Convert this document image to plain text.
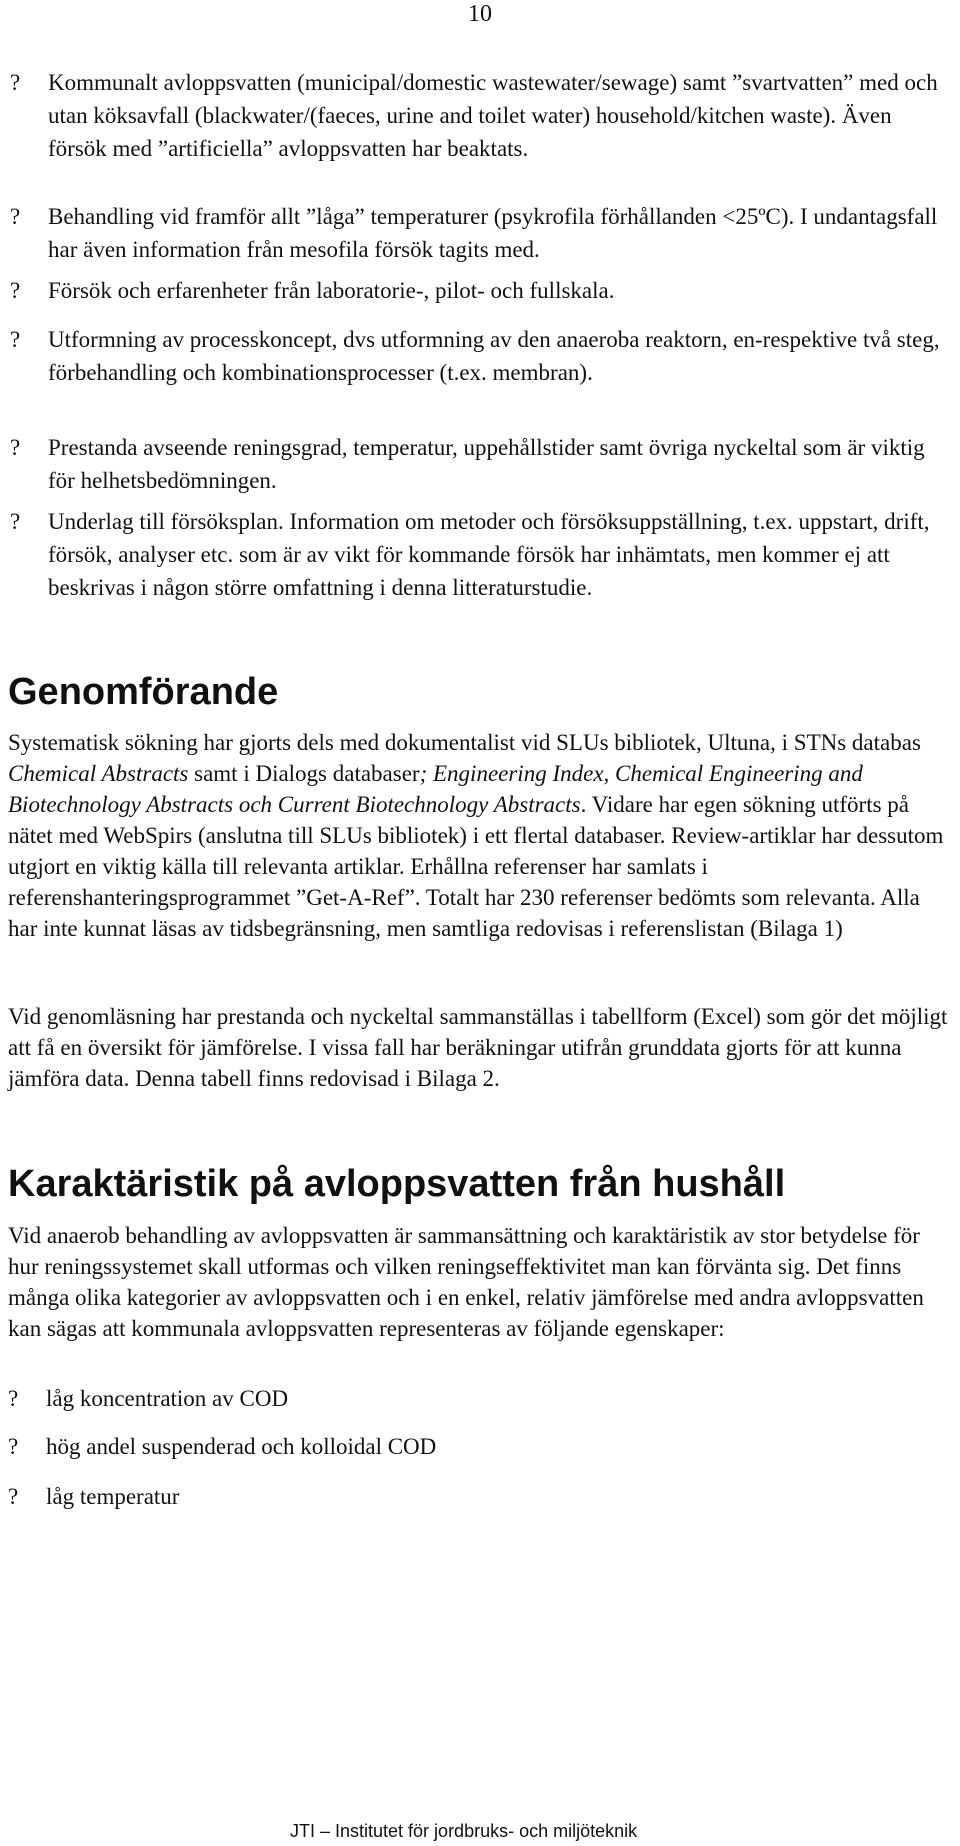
10
?	Kommunalt avloppsvatten (municipal/domestic wastewater/sewage) samt ”svartvatten” med och utan köksavfall (blackwater/(faeces, urine and toilet water) household/kitchen waste). Även försök med ”artificiella” avloppsvatten har beaktats.
?	Behandling vid framför allt ”låga” temperaturer (psykrofila förhållanden <25ºC). I undantagsfall har även information från mesofila försök tagits med.
?	Försök och erfarenheter från laboratorie-, pilot- och fullskala.
?	Utformning av processkoncept, dvs utformning av den anaeroba reaktorn, en-respektive två steg, förbehandling och kombinationsprocesser (t.ex. membran).
?	Prestanda avseende reningsgrad, temperatur, uppehållstider samt övriga nyckeltal som är viktig för helhetsbedömningen.
?	Underlag till försöksplan. Information om metoder och försöksuppställning, t.ex. uppstart, drift, försök, analyser etc. som är av vikt för kommande försök har inhämtats, men kommer ej att beskrivas i någon större omfattning i denna litteraturstudie.
Genomförande

Systematisk sökning har gjorts dels med dokumentalist vid SLUs bibliotek, Ultuna, i STNs databas Chemical Abstracts samt i Dialogs databaser; Engineering Index, Chemical Engineering and Biotechnology Abstracts och Current Biotechnology Abstracts. Vidare har egen sökning utförts på nätet med WebSpirs (anslutna till SLUs bibliotek) i ett flertal databaser. Review-artiklar har dessutom utgjort en viktig källa till relevanta artiklar. Erhållna referenser har samlats i referenshanteringsprogrammet ”Get-A-Ref”. Totalt har 230 referenser bedömts som relevanta. Alla har inte kunnat läsas av tidsbegränsning, men samtliga redovisas i referenslistan (Bilaga 1)

Vid genomläsning har prestanda och nyckeltal sammanställas i tabellform (Excel) som gör det möjligt att få en översikt för jämförelse. I vissa fall har beräkningar utifrån grunddata gjorts för att kunna jämföra data. Denna tabell finns redovisad i Bilaga 2.

Karaktäristik på avloppsvatten från hushåll

Vid anaerob behandling av avloppsvatten är sammansättning och karaktäristik av stor betydelse för hur reningssystemet skall utformas och vilken reningseffektivitet man kan förvänta sig. Det finns många olika kategorier av avloppsvatten och i en enkel, relativ jämförelse med andra avloppsvatten kan sägas att kommunala avloppsvatten representeras av följande egenskaper:

? låg koncentration av COD
? hög andel suspenderad och kolloidal COD
? låg temperatur
JTI – Institutet för jordbruks- och miljöteknik
